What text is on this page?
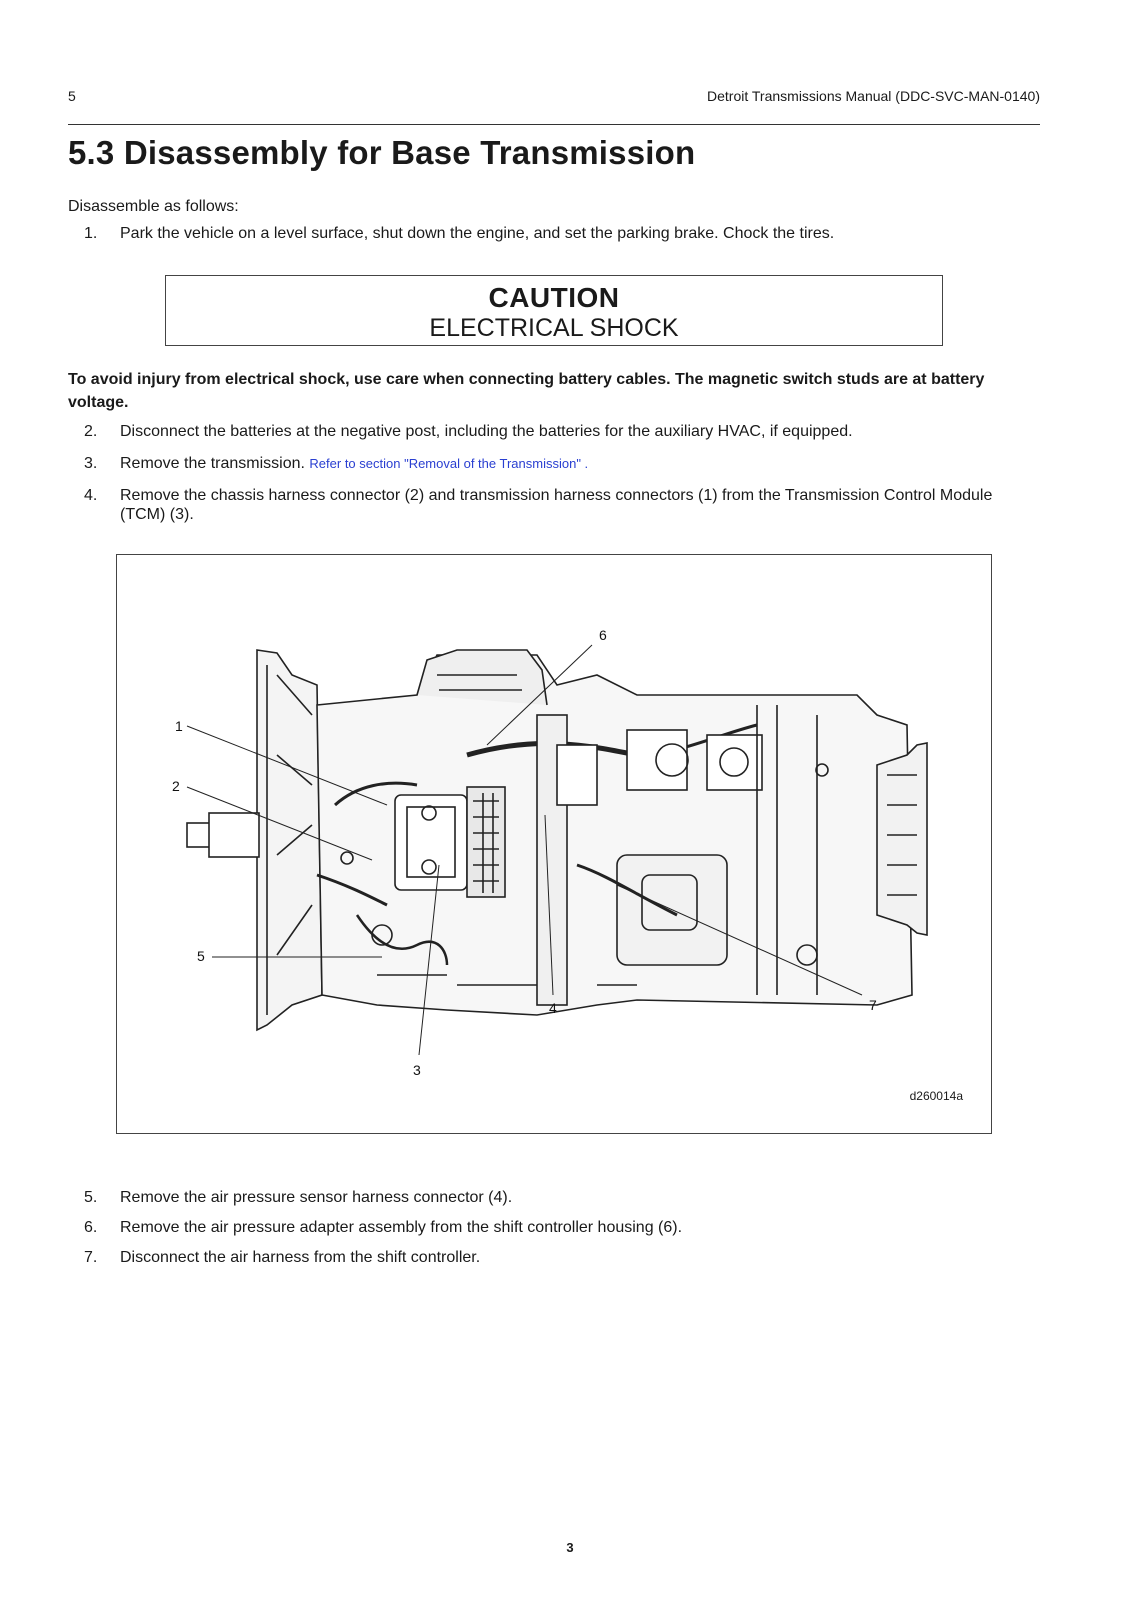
5	Detroit Transmissions Manual (DDC-SVC-MAN-0140)
5.3 Disassembly for Base Transmission
Disassemble as follows:
1.	Park the vehicle on a level surface, shut down the engine, and set the parking brake. Chock the tires.
CAUTION
ELECTRICAL SHOCK
To avoid injury from electrical shock, use care when connecting battery cables. The magnetic switch studs are at battery voltage.
2.	Disconnect the batteries at the negative post, including the batteries for the auxiliary HVAC, if equipped.
3.	Remove the transmission. Refer to section "Removal of the Transmission" .
4.	Remove the chassis harness connector (2) and transmission harness connectors (1) from the Transmission Control Module (TCM) (3).
1
2
3
4
5
6
7
d260014a
5.	Remove the air pressure sensor harness connector (4).
6.	Remove the air pressure adapter assembly from the shift controller housing (6).
7.	Disconnect the air harness from the shift controller.
3
